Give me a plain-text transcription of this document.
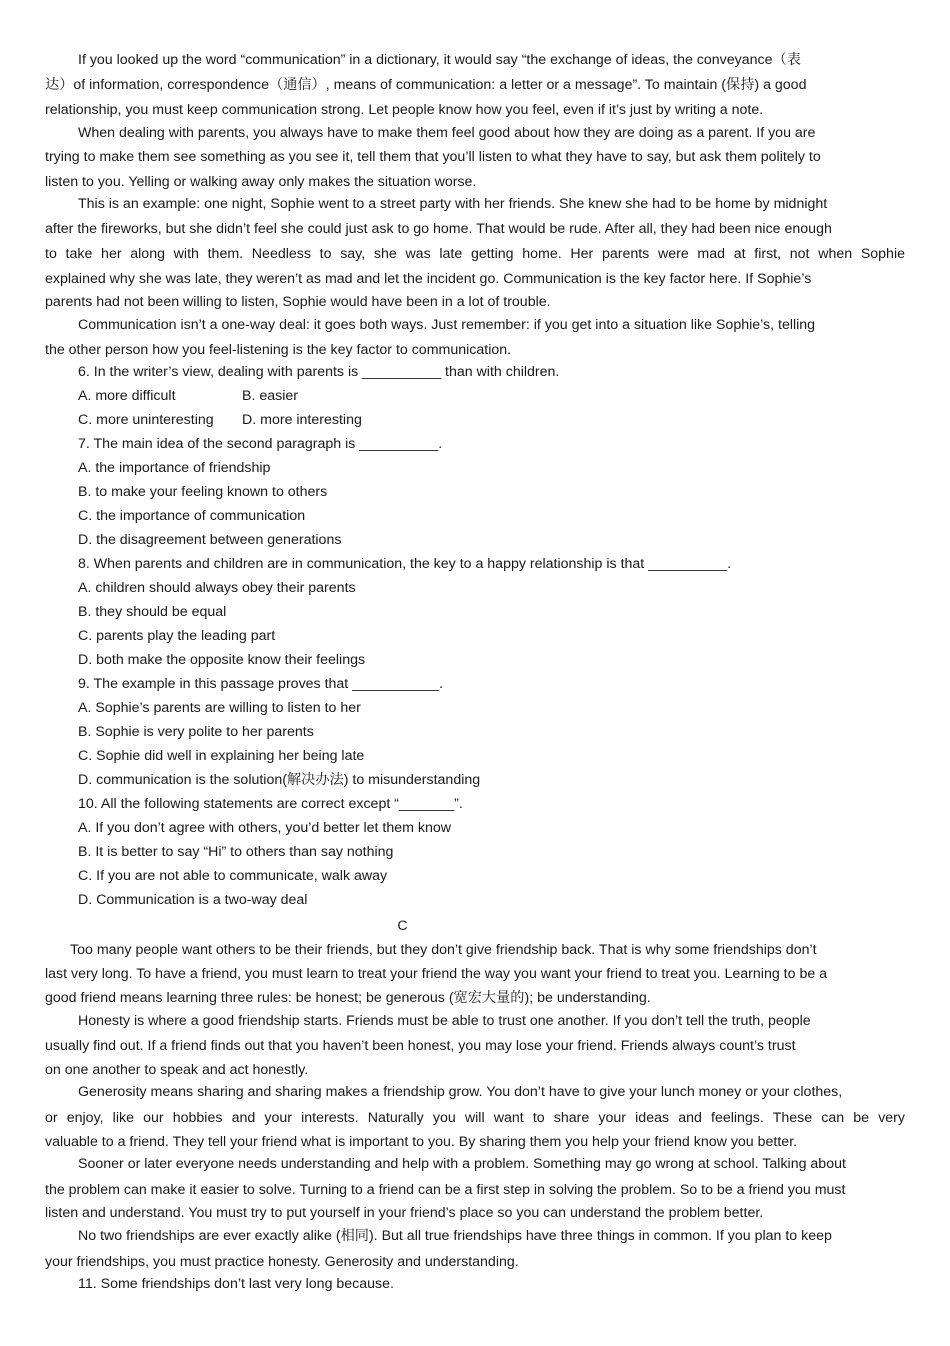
If you looked up the word “communication” in a dictionary, it would say “the exchange of ideas, the conveyance（表
达）of information, correspondence（通信）, means of communication: a letter or a message”. To maintain (保持) a good
relationship, you must keep communication strong. Let people know how you feel, even if it’s just by writing a note.
When dealing with parents, you always have to make them feel good about how they are doing as a parent. If you are
trying to make them see something as you see it, tell them that you’ll listen to what they have to say, but ask them politely to
listen to you. Yelling or walking away only makes the situation worse.
This is an example: one night, Sophie went to a street party with her friends. She knew she had to be home by midnight
after the fireworks, but she didn’t feel she could just ask to go home. That would be rude. After all, they had been nice enough
to take her along with them. Needless to say, she was late getting home. Her parents were mad at first, not when Sophie
explained why she was late, they weren’t as mad and let the incident go. Communication is the key factor here. If Sophie’s
parents had not been willing to listen, Sophie would have been in a lot of trouble.
Communication isn’t a one-way deal: it goes both ways. Just remember: if you get into a situation like Sophie’s, telling
the other person how you feel-listening is the key factor to communication.
6. In the writer’s view, dealing with parents is __________ than with children.
A. more difficult	B. easier
C. more uninteresting	D. more interesting
7. The main idea of the second paragraph is __________.
A. the importance of friendship
B. to make your feeling known to others
C. the importance of communication
D. the disagreement between generations
8. When parents and children are in communication, the key to a happy relationship is that __________.
A. children should always obey their parents
B. they should be equal
C. parents play the leading part
D. both make the opposite know their feelings
9. The example in this passage proves that ___________.
A. Sophie’s parents are willing to listen to her
B. Sophie is very polite to her parents
C. Sophie did well in explaining her being late
D. communication is the solution(解决办法) to misunderstanding
10. All the following statements are correct except “_______”.
A. If you don’t agree with others, you’d better let them know
B. It is better to say “Hi” to others than say nothing
C. If you are not able to communicate, walk away
D. Communication is a two-way deal
C
Too many people want others to be their friends, but they don’t give friendship back. That is why some friendships don’t
last very long. To have a friend, you must learn to treat your friend the way you want your friend to treat you. Learning to be a
good friend means learning three rules: be honest; be generous (宽宏大量的); be understanding.
Honesty is where a good friendship starts. Friends must be able to trust one another. If you don’t tell the truth, people
usually find out. If a friend finds out that you haven’t been honest, you may lose your friend. Friends always count’s trust
on one another to speak and act honestly.
Generosity means sharing and sharing makes a friendship grow. You don’t have to give your lunch money or your clothes,
or enjoy, like our hobbies and your interests. Naturally you will want to share your ideas and feelings. These can be very
valuable to a friend. They tell your friend what is important to you. By sharing them you help your friend know you better.
Sooner or later everyone needs understanding and help with a problem. Something may go wrong at school. Talking about
the problem can make it easier to solve. Turning to a friend can be a first step in solving the problem. So to be a friend you must
listen and understand. You must try to put yourself in your friend’s place so you can understand the problem better.
No two friendships are ever exactly alike (相同). But all true friendships have three things in common. If you plan to keep
your friendships, you must practice honesty. Generosity and understanding.
11. Some friendships don’t last very long because.
